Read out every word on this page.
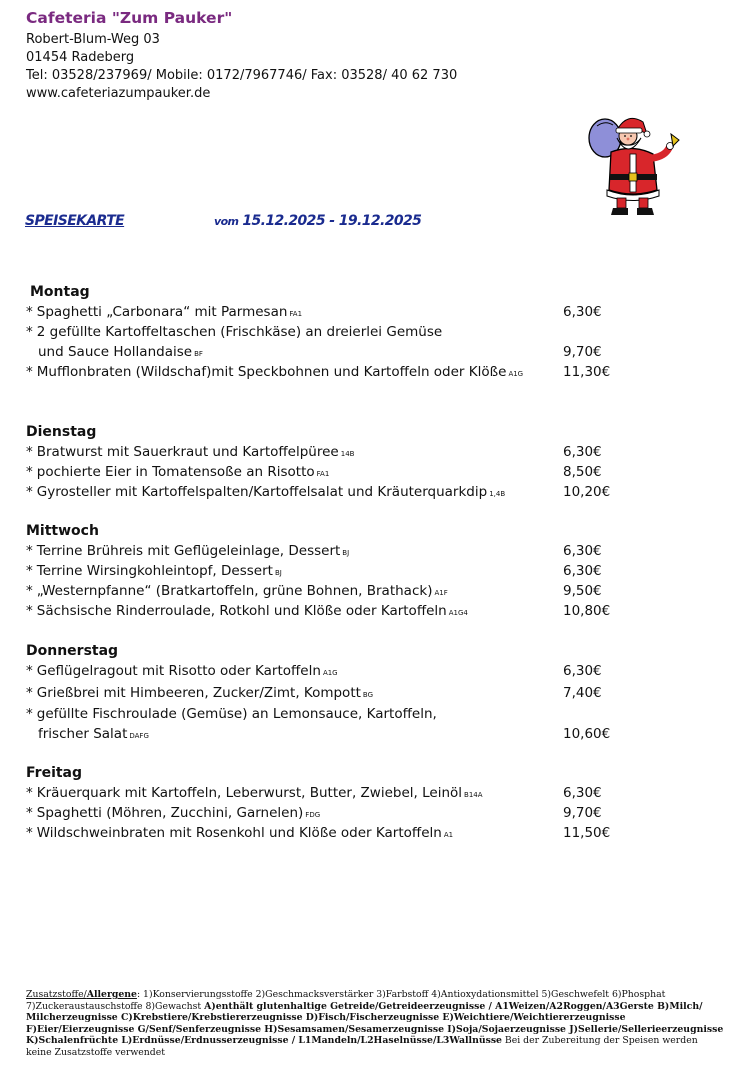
Cafeteria "Zum Pauker"
Robert-Blum-Weg 03
01454 Radeberg
Tel: 03528/237969/ Mobile: 0172/7967746/ Fax: 03528/ 40 62 730
www.cafeteriazumpauker.de
SPEISEKARTE	vom 15.12.2025 - 19.12.2025
Montag
* Spaghetti „Carbonara“ mit Parmesan FA1	6,30€
* 2 gefüllte Kartoffeltaschen (Frischkäse) an dreierlei Gemüse
und Sauce Hollandaise BF	9,70€
* Mufflonbraten (Wildschaf)mit Speckbohnen und Kartoffeln oder Klöße A1G	11,30€
Dienstag
* Bratwurst mit Sauerkraut und Kartoffelpüree 14B	6,30€
* pochierte Eier in Tomatensoße an Risotto FA1	8,50€
* Gyrosteller mit Kartoffelspalten/Kartoffelsalat und Kräuterquarkdip 1,4B	10,20€
Mittwoch
* Terrine Brühreis mit Geflügeleinlage, Dessert BJ	6,30€
* Terrine Wirsingkohleintopf, Dessert BJ	6,30€
* „Westernpfanne“ (Bratkartoffeln, grüne Bohnen, Brathack) A1F	9,50€
* Sächsische Rinderroulade, Rotkohl und Klöße oder Kartoffeln A1G4	10,80€
Donnerstag
* Geflügelragout mit Risotto oder Kartoffeln A1G	6,30€
* Grießbrei mit Himbeeren, Zucker/Zimt, Kompott BG	7,40€
* gefüllte Fischroulade (Gemüse) an Lemonsauce, Kartoffeln,
frischer Salat DAFG	10,60€
Freitag
* Kräuerquark mit Kartoffeln, Leberwurst, Butter, Zwiebel, Leinöl B14A	6,30€
* Spaghetti (Möhren, Zucchini, Garnelen) FDG	9,70€
* Wildschweinbraten mit Rosenkohl und Klöße oder Kartoffeln A1	11,50€
Zusatzstoffe/Allergene: 1)Konservierungsstoffe 2)Geschmacksverstärker 3)Farbstoff 4)Antioxydationsmittel 5)Geschwefelt 6)Phosphat
7)Zuckeraustauschstoffe 8)Gewachst A)enthält glutenhaltige Getreide/Getreideerzeugnisse / A1Weizen/A2Roggen/A3Gerste B)Milch/ Milcherzeugnisse C)Krebstiere/Krebstiererzeugnisse D)Fisch/Fischerzeugnisse E)Weichtiere/Weichtiererzeugnisse F)Eier/Eierzeugnisse G/Senf/Senferzeugnisse H)Sesamsamen/Sesamerzeugnisse I)Soja/Sojaerzeugnisse J)Sellerie/Sellerieerzeugnisse K)Schalenfrüchte L)Erdnüsse/Erdnusserzeugnisse / L1Mandeln/L2Haselnüsse/L3Wallnüsse Bei der Zubereitung der Speisen werden keine Zusatzstoffe verwendet
